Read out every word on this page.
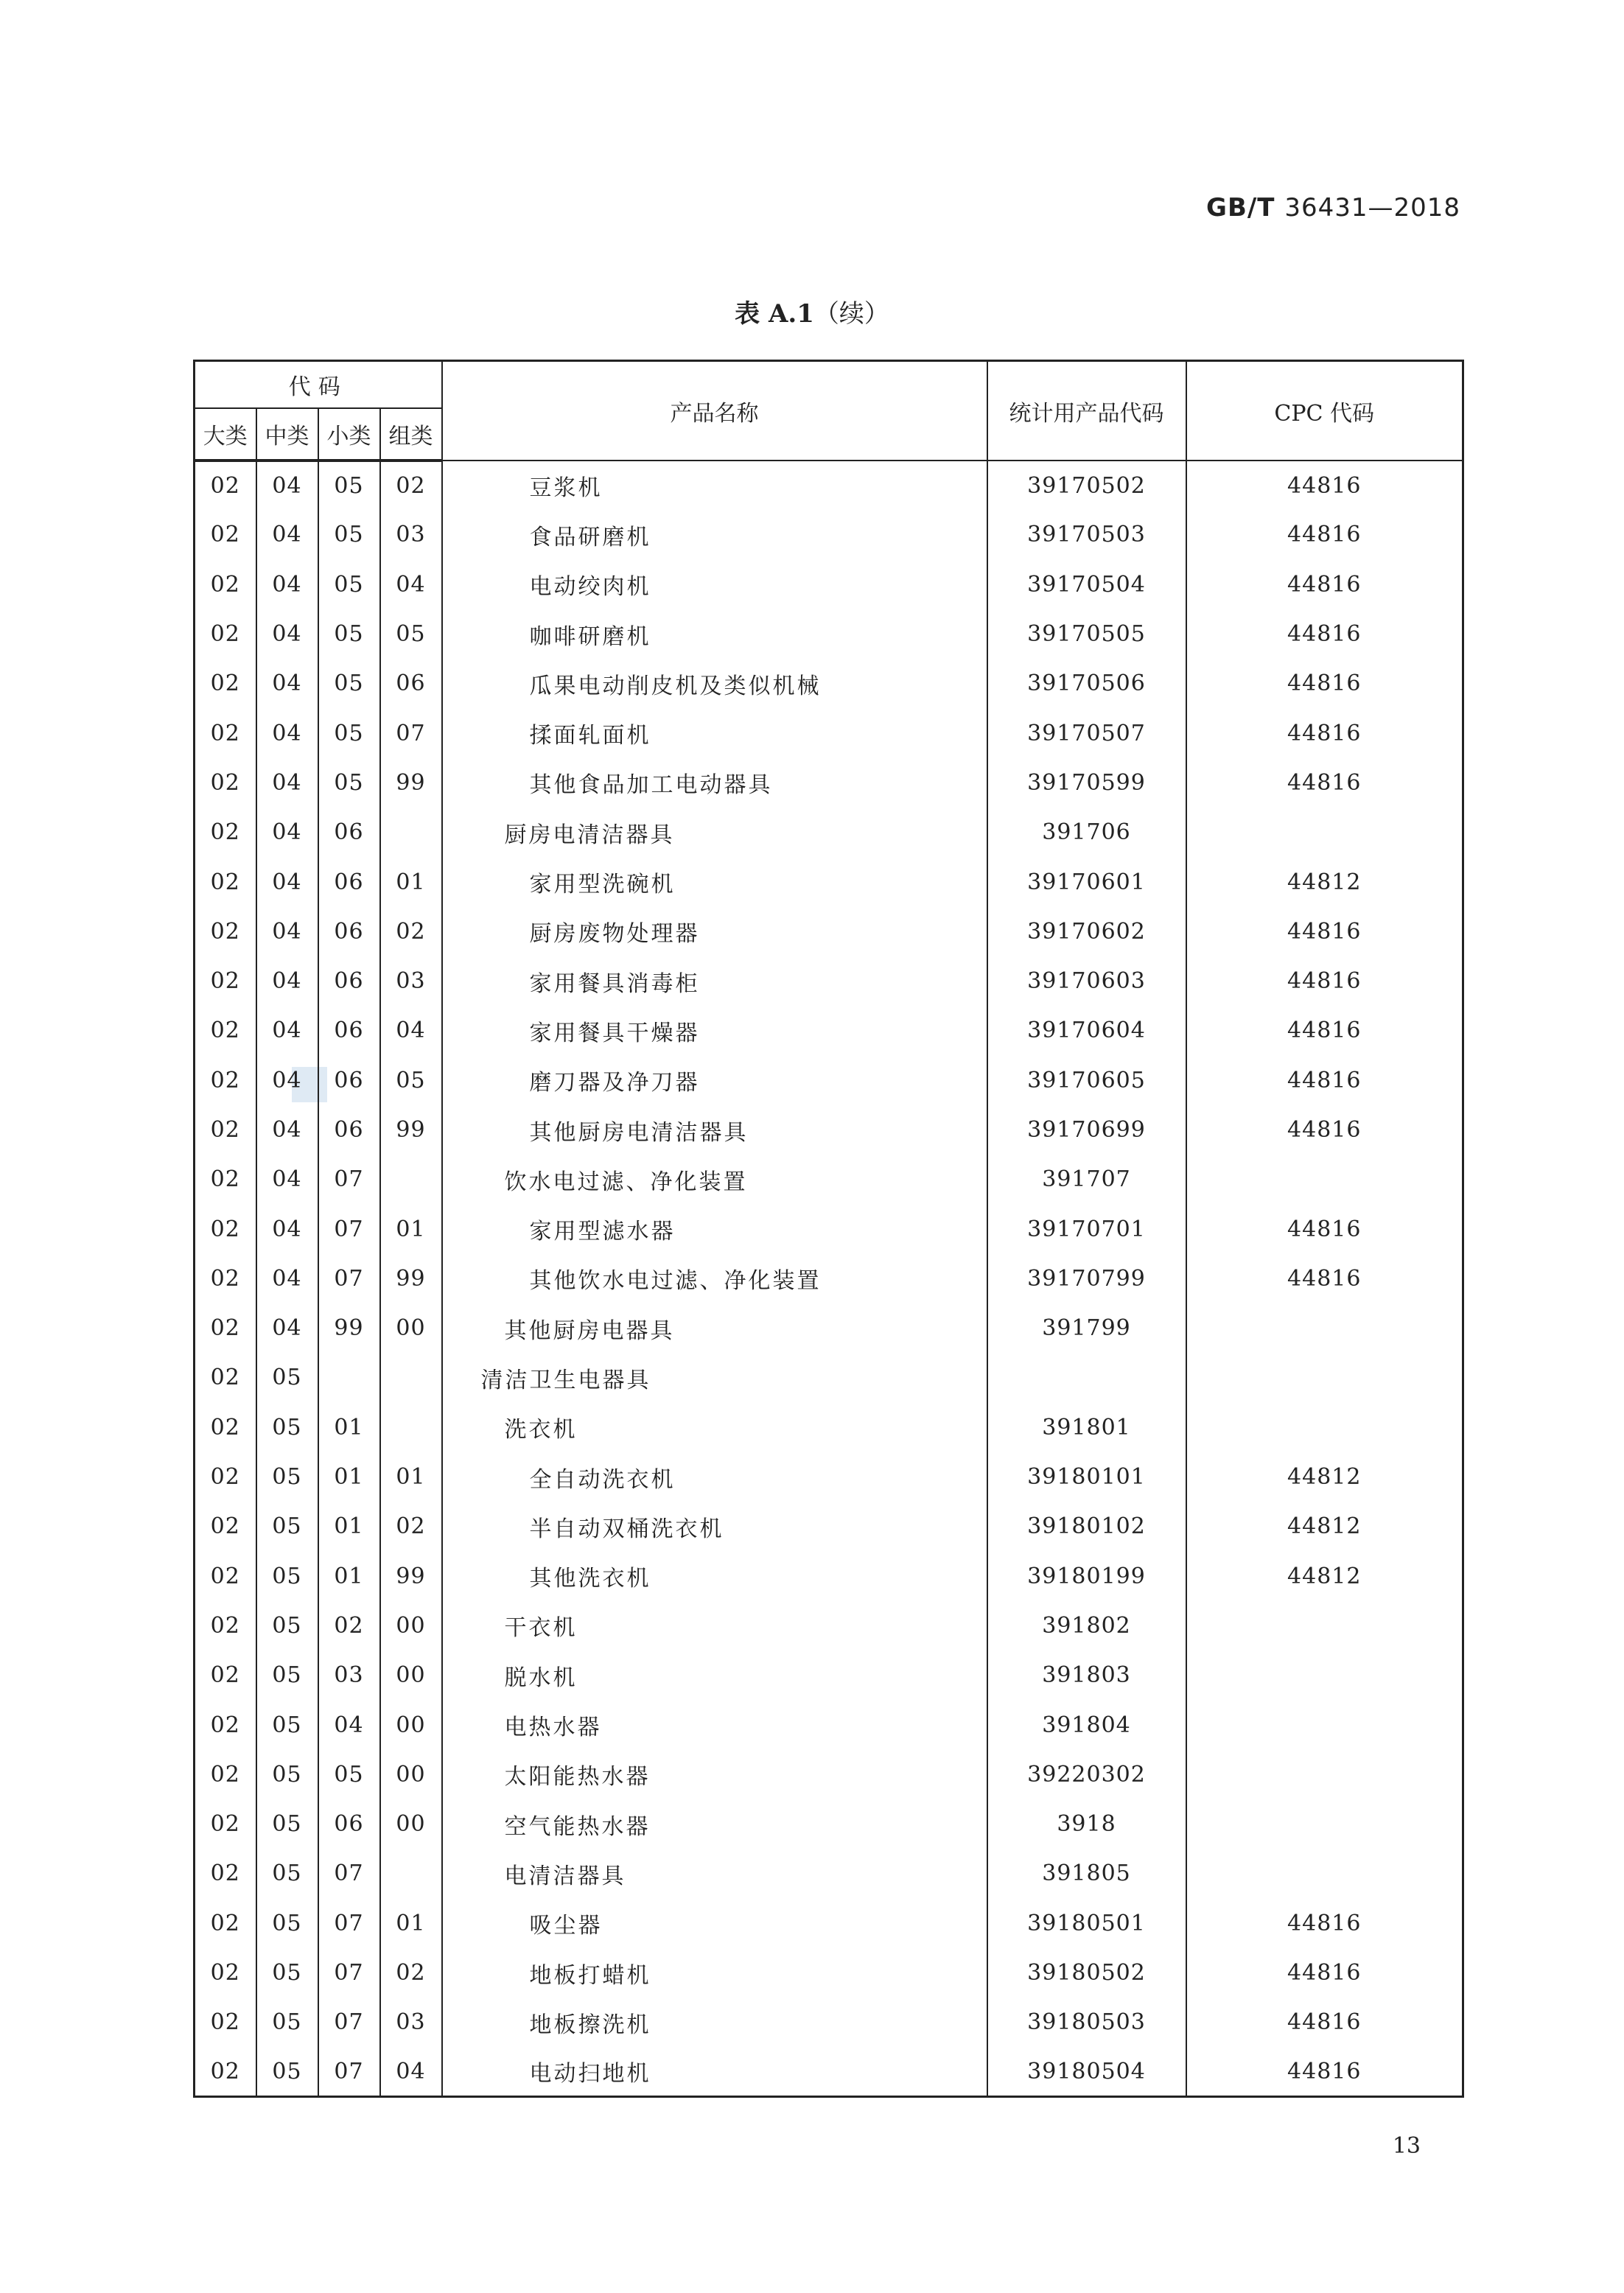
GB/T 36431—2018
表 A.1（续）
代码				产品名称	统计用产品代码	CPC 代码
大类	中类	小类	组类			
02	04	05	02	豆浆机	39170502	44816
02	04	05	03	食品研磨机	39170503	44816
02	04	05	04	电动绞肉机	39170504	44816
02	04	05	05	咖啡研磨机	39170505	44816
02	04	05	06	瓜果电动削皮机及类似机械	39170506	44816
02	04	05	07	揉面轧面机	39170507	44816
02	04	05	99	其他食品加工电动器具	39170599	44816
02	04	06		厨房电清洁器具	391706	
02	04	06	01	家用型洗碗机	39170601	44812
02	04	06	02	厨房废物处理器	39170602	44816
02	04	06	03	家用餐具消毒柜	39170603	44816
02	04	06	04	家用餐具干燥器	39170604	44816
02	04	06	05	磨刀器及净刀器	39170605	44816
02	04	06	99	其他厨房电清洁器具	39170699	44816
02	04	07		饮水电过滤、净化装置	391707	
02	04	07	01	家用型滤水器	39170701	44816
02	04	07	99	其他饮水电过滤、净化装置	39170799	44816
02	04	99	00	其他厨房电器具	391799	
02	05			清洁卫生电器具		
02	05	01		洗衣机	391801	
02	05	01	01	全自动洗衣机	39180101	44812
02	05	01	02	半自动双桶洗衣机	39180102	44812
02	05	01	99	其他洗衣机	39180199	44812
02	05	02	00	干衣机	391802	
02	05	03	00	脱水机	391803	
02	05	04	00	电热水器	391804	
02	05	05	00	太阳能热水器	39220302	
02	05	06	00	空气能热水器	3918	
02	05	07		电清洁器具	391805	
02	05	07	01	吸尘器	39180501	44816
02	05	07	02	地板打蜡机	39180502	44816
02	05	07	03	地板擦洗机	39180503	44816
02	05	07	04	电动扫地机	39180504	44816
13
